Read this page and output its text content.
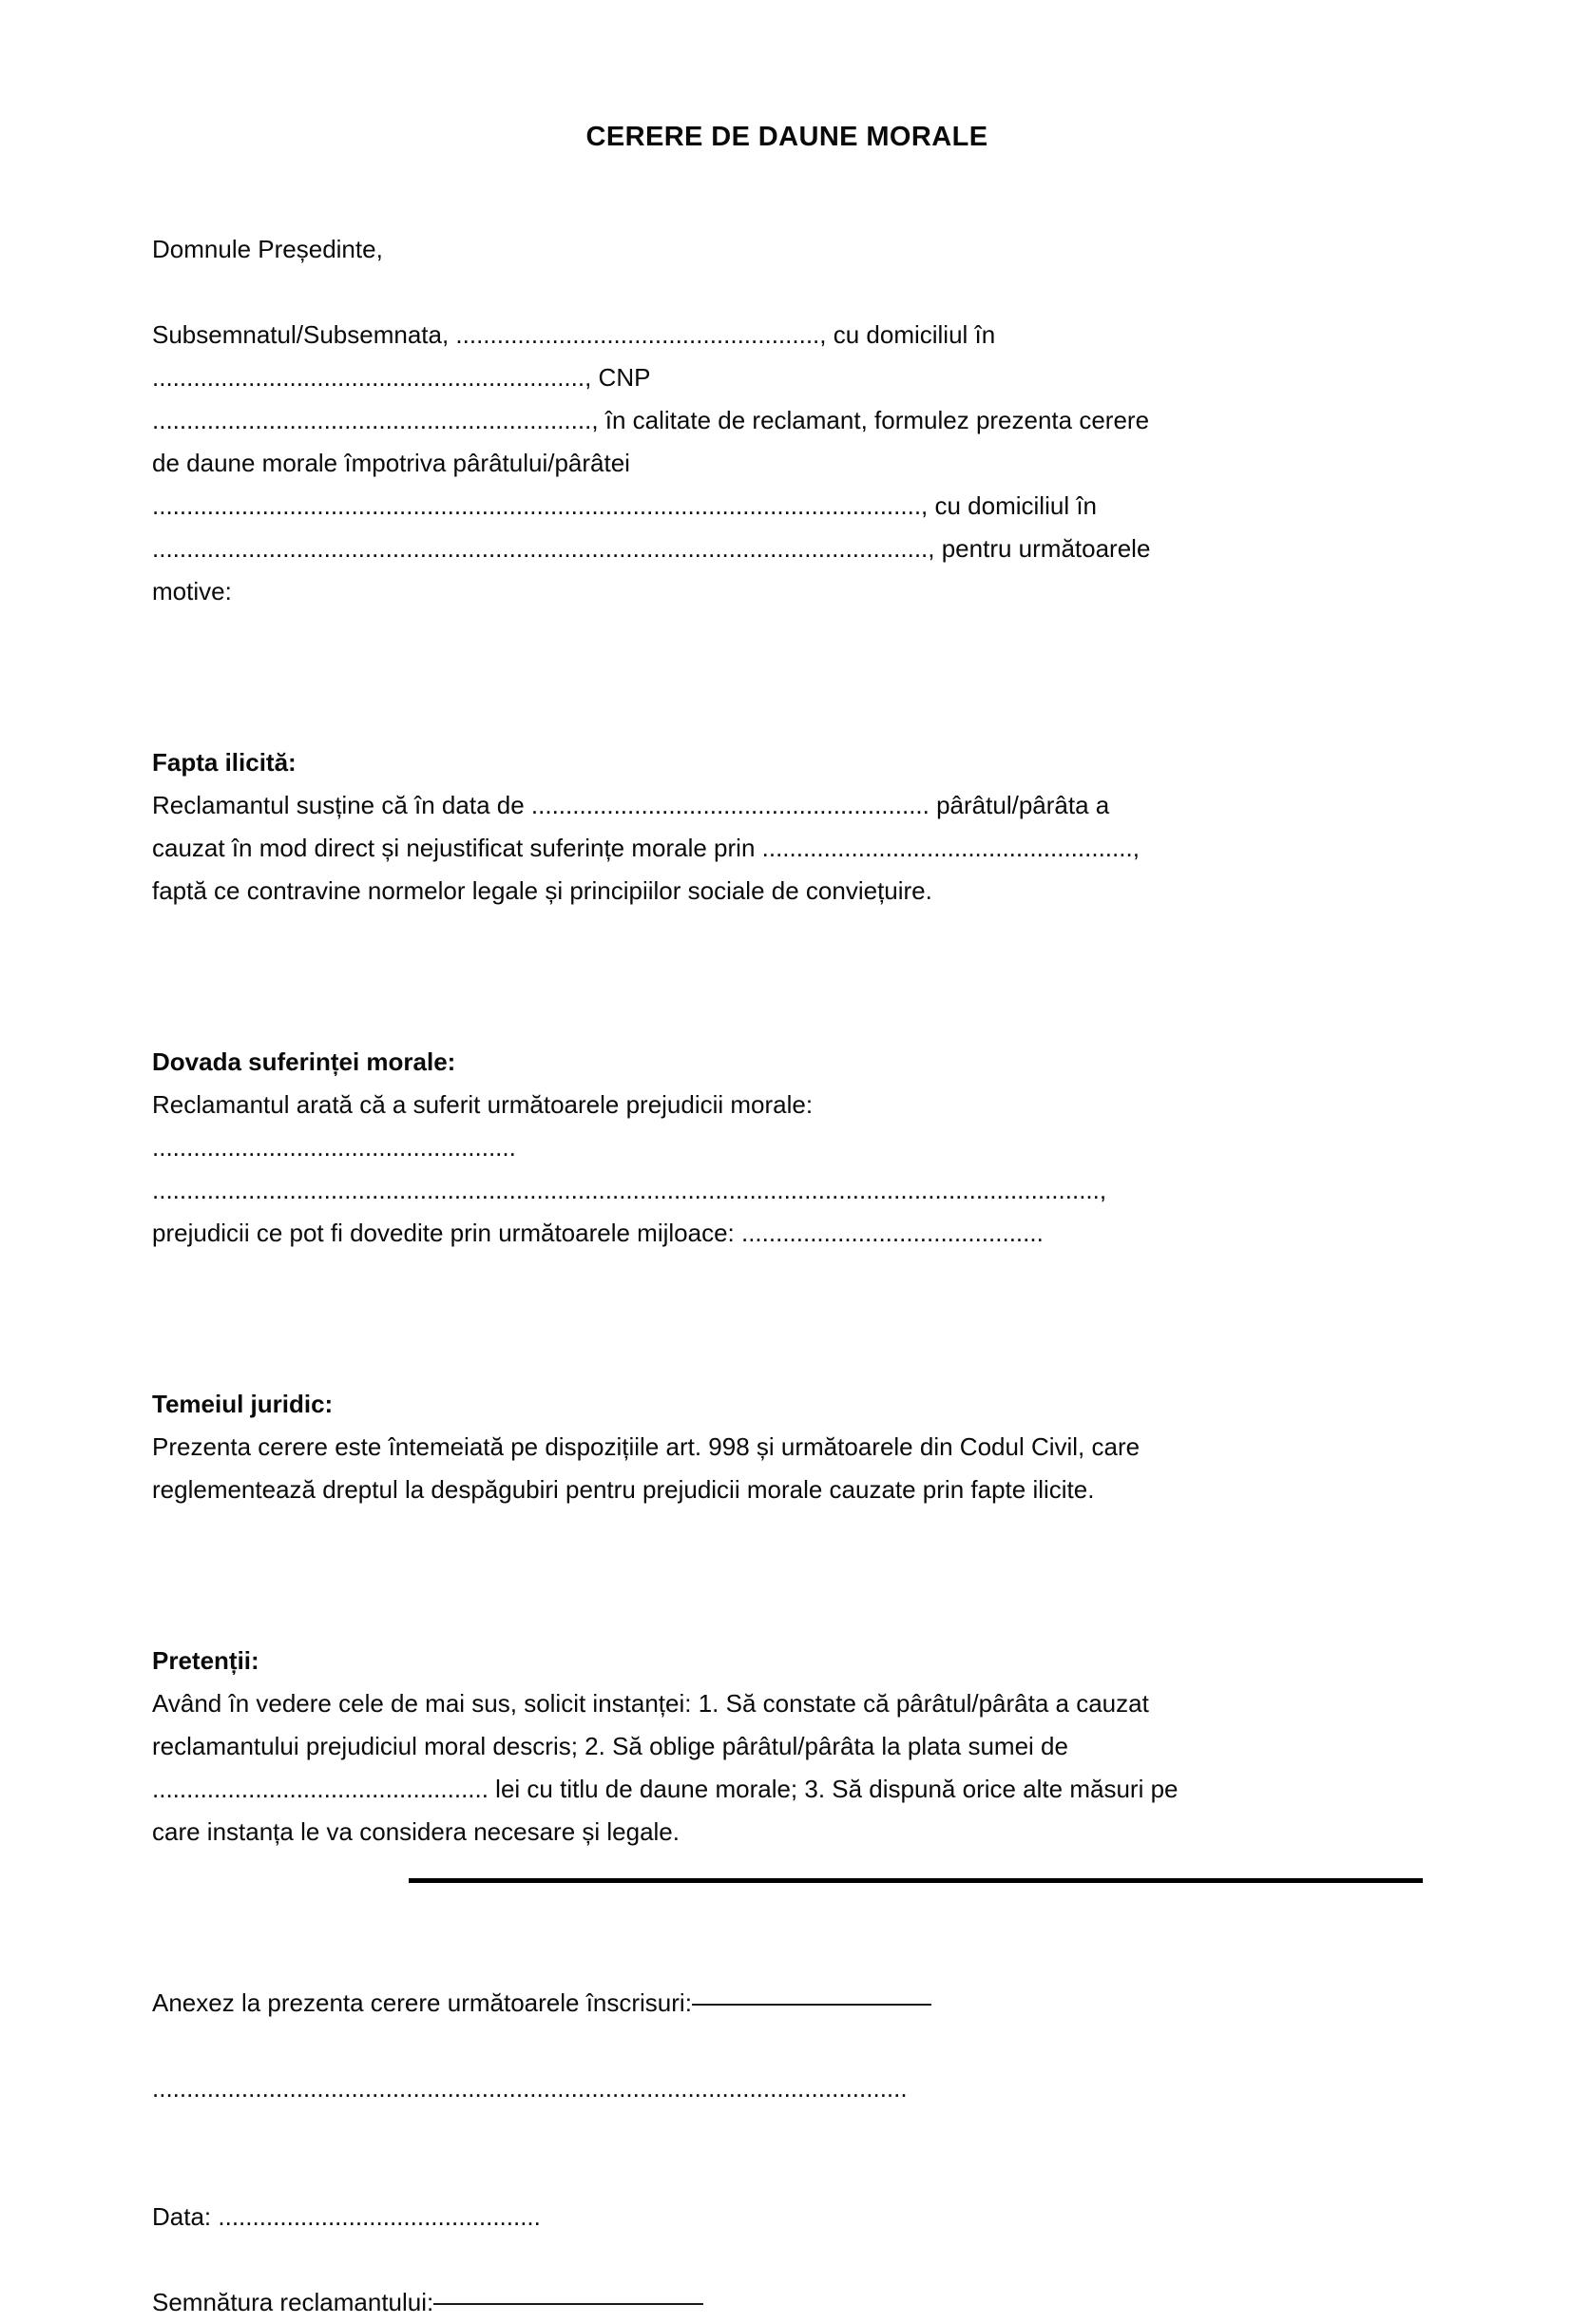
CERERE DE DAUNE MORALE

Domnule Președinte,

Subsemnatul/Subsemnata, ....................................................., cu domiciliul în

..............................................................., CNP

................................................................, în calitate de reclamant, formulez prezenta cerere

de daune morale împotriva pârâtului/pârâtei

................................................................................................................, cu domiciliul în

................................................................................................................., pentru următoarele

motive:

Fapta ilicită:

Reclamantul susține că în data de .......................................................... pârâtul/pârâta a

cauzat în mod direct și nejustificat suferințe morale prin ......................................................,

faptă ce contravine normelor legale și principiilor sociale de conviețuire.

Dovada suferinței morale:

Reclamantul arată că a suferit următoarele prejudicii morale:

.....................................................

..........................................................................................................................................,

prejudicii ce pot fi dovedite prin următoarele mijloace: ............................................

Temeiul juridic:

Prezenta cerere este întemeiată pe dispozițiile art. 998 și următoarele din Codul Civil, care

reglementează dreptul la despăgubiri pentru prejudicii morale cauzate prin fapte ilicite.

Pretenții:

Având în vedere cele de mai sus, solicit instanței: 1. Să constate că pârâtul/pârâta a cauzat

reclamantului prejudiciul moral descris; 2. Să oblige pârâtul/pârâta la plata sumei de

................................................. lei cu titlu de daune morale; 3. Să dispună orice alte măsuri pe

care instanța le va considera necesare și legale.

Anexez la prezenta cerere următoarele înscrisuri:

..............................................................................................................

Data: ...............................................

Semnătura reclamantului:
